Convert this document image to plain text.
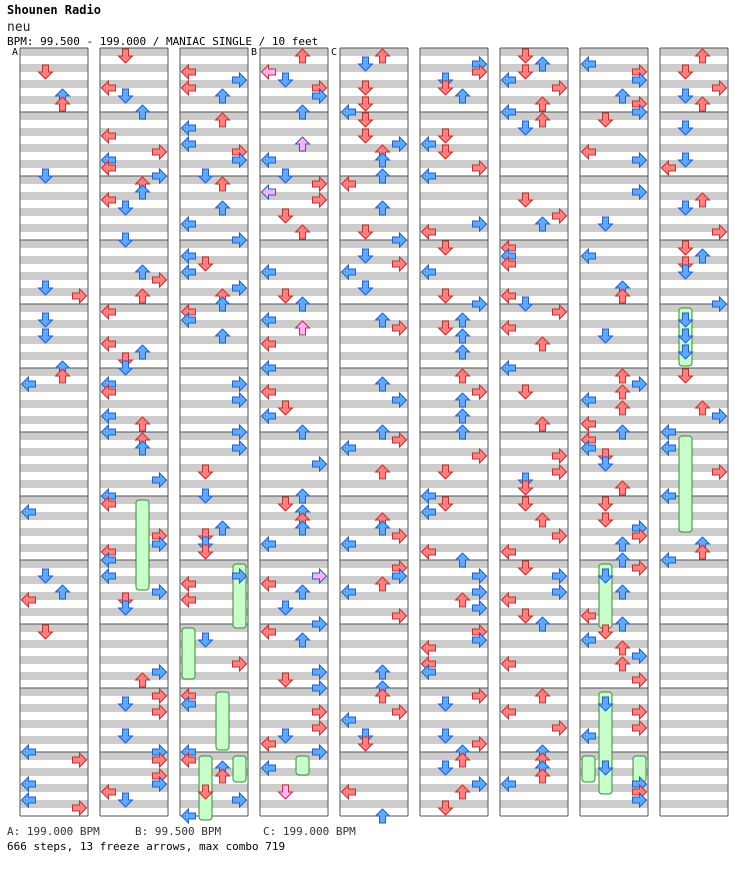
Shounen Radio
neu
BPM: 99.500 - 199.000 / MANIAC SINGLE / 10 feet
A	B	C
A: 199.000 BPM	B: 99.500 BPM	C: 199.000 BPM
666 steps, 13 freeze arrows, max combo 719
